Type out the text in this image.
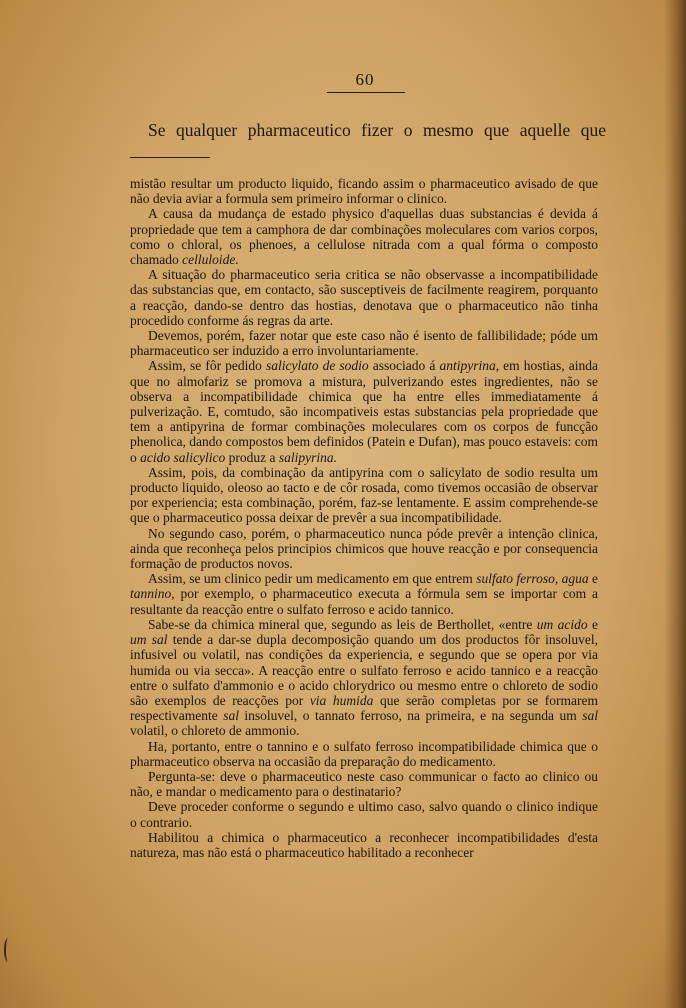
60
Se qualquer pharmaceutico fizer o mesmo que aquelle que

mistão resultar um producto liquido, ficando assim o pharmaceutico avisado de que não devia aviar a formula sem primeiro informar o clinico.

A causa da mudança de estado physico d'aquellas duas substancias é devida á propriedade que tem a camphora de dar combinações moleculares com varios corpos, como o chloral, os phenoes, a cellulose nitrada com a qual fórma o composto chamado celluloide.

A situação do pharmaceutico seria critica se não observasse a incompatibilidade das substancias que, em contacto, são susceptiveis de facilmente reagirem, porquanto a reacção, dando-se dentro das hostias, denotava que o pharmaceutico não tinha procedido conforme ás regras da arte.

Devemos, porém, fazer notar que este caso não é isento de fallibilidade; póde um pharmaceutico ser induzido a erro involuntariamente.

Assim, se fôr pedido salicylato de sodio associado á antipyrina, em hostias, ainda que no almofariz se promova a mistura, pulverizando estes ingredientes, não se observa a incompatibilidade chimica que ha entre elles immediatamente á pulverização. E, comtudo, são incompativeis estas substancias pela propriedade que tem a antipyrina de formar combinações moleculares com os corpos de funcção phenolica, dando compostos bem definidos (Patein e Dufan), mas pouco estaveis: com o acido salicylico produz a salipyrina.

Assim, pois, da combinação da antipyrina com o salicylato de sodio resulta um producto liquido, oleoso ao tacto e de côr rosada, como tivemos occasião de observar por experiencia; esta combinação, porém, faz-se lentamente. E assim comprehende-se que o pharmaceutico possa deixar de prevêr a sua incompatibilidade.

No segundo caso, porém, o pharmaceutico nunca póde prevêr a intenção clinica, ainda que reconheça pelos principios chimicos que houve reacção e por consequencia formação de productos novos.

Assim, se um clinico pedir um medicamento em que entrem sulfato ferroso, agua e tannino, por exemplo, o pharmaceutico executa a fórmula sem se importar com a resultante da reacção entre o sulfato ferroso e acido tannico.

Sabe-se da chimica mineral que, segundo as leis de Berthollet, «entre um acido e um sal tende a dar-se dupla decomposição quando um dos productos fôr insoluvel, infusivel ou volatil, nas condições da experiencia, e segundo que se opera por via humida ou via secca». A reacção entre o sulfato ferroso e acido tannico e a reacção entre o sulfato d'ammonio e o acido chlorydrico ou mesmo entre o chloreto de sodio são exemplos de reacções por via humida que serão completas por se formarem respectivamente sal insoluvel, o tannato ferroso, na primeira, e na segunda um sal volatil, o chloreto de ammonio.

Ha, portanto, entre o tannino e o sulfato ferroso incompatibilidade chimica que o pharmaceutico observa na occasião da preparação do medicamento.

Pergunta-se: deve o pharmaceutico neste caso communicar o facto ao clinico ou não, e mandar o medicamento para o destinatario?

Deve proceder conforme o segundo e ultimo caso, salvo quando o clinico indique o contrario.

Habilitou a chimica o pharmaceutico a reconhecer incompatibilidades d'esta natureza, mas não está o pharmaceutico habilitado a reconhecer
